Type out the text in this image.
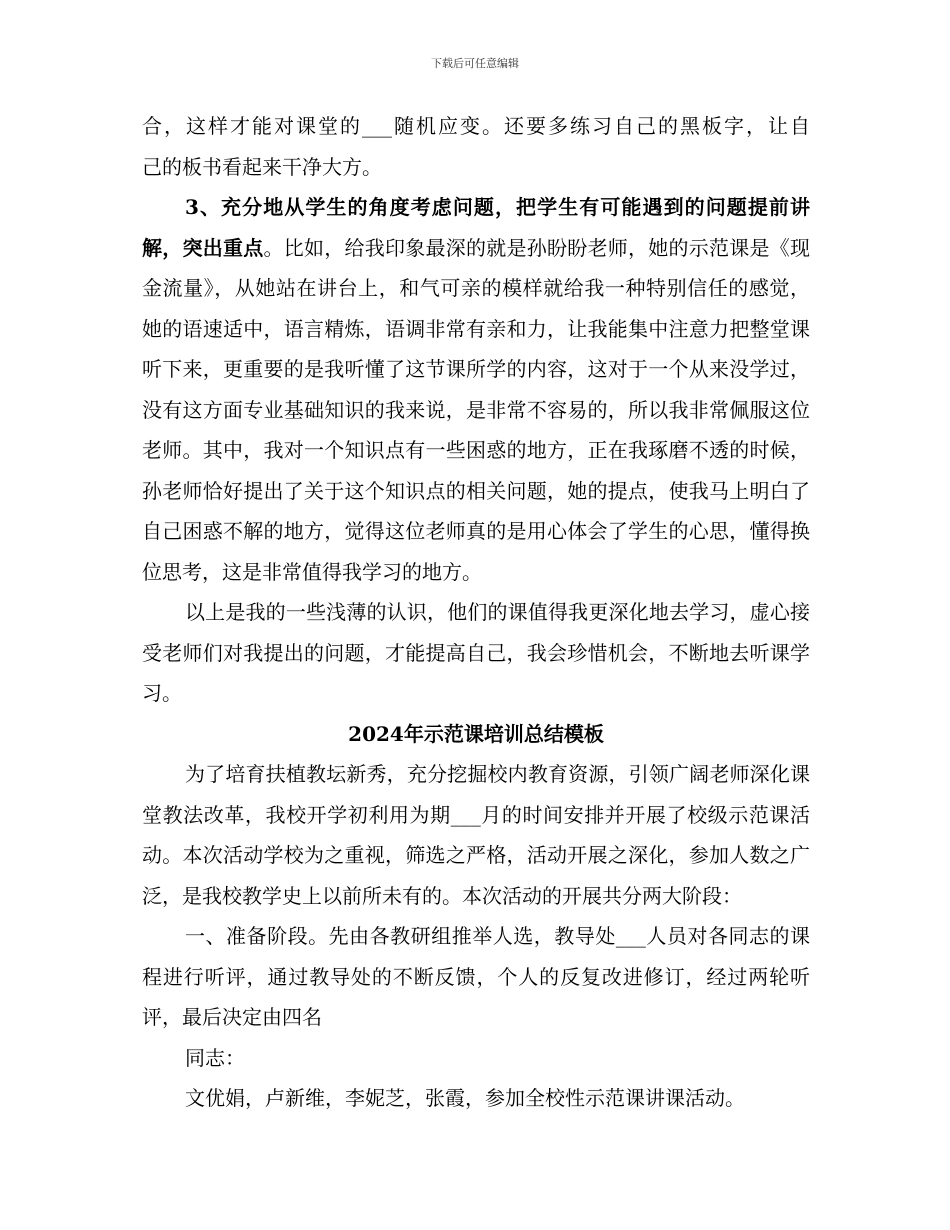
下载后可任意编辑

合，这样才能对课堂的___随机应变。还要多练习自己的黑板字，让自
己的板书看起来干净大方。

3、充分地从学生的角度考虑问题，把学生有可能遇到的问题提前讲解，突出重点。比如，给我印象最深的就是孙盼盼老师，她的示范课是《现金流量》，从她站在讲台上，和气可亲的模样就给我一种特别信任的感觉，她的语速适中，语言精炼，语调非常有亲和力，让我能集中注意力把整堂课听下来，更重要的是我听懂了这节课所学的内容，这对于一个从来没学过，没有这方面专业基础知识的我来说，是非常不容易的，所以我非常佩服这位老师。其中，我对一个知识点有一些困惑的地方，正在我琢磨不透的时候，孙老师恰好提出了关于这个知识点的相关问题，她的提点，使我马上明白了自己困惑不解的地方，觉得这位老师真的是用心体会了学生的心思，懂得换位思考，这是非常值得我学习的地方。

以上是我的一些浅薄的认识，他们的课值得我更深化地去学习，虚心接受老师们对我提出的问题，才能提高自己，我会珍惜机会，不断地去听课学习。

2024年示范课培训总结模板

为了培育扶植教坛新秀，充分挖掘校内教育资源，引领广阔老师深化课堂教法改革，我校开学初利用为期___月的时间安排并开展了校级示范课活动。本次活动学校为之重视，筛选之严格，活动开展之深化，参加人数之广泛，是我校教学史上以前所未有的。本次活动的开展共分两大阶段：

一、准备阶段。先由各教研组推举人选，教导处___人员对各同志的课程进行听评，通过教导处的不断反馈，个人的反复改进修订，经过两轮听评，最后决定由四名

同志：

文优娟，卢新维，李妮芝，张霞，参加全校性示范课讲课活动。
